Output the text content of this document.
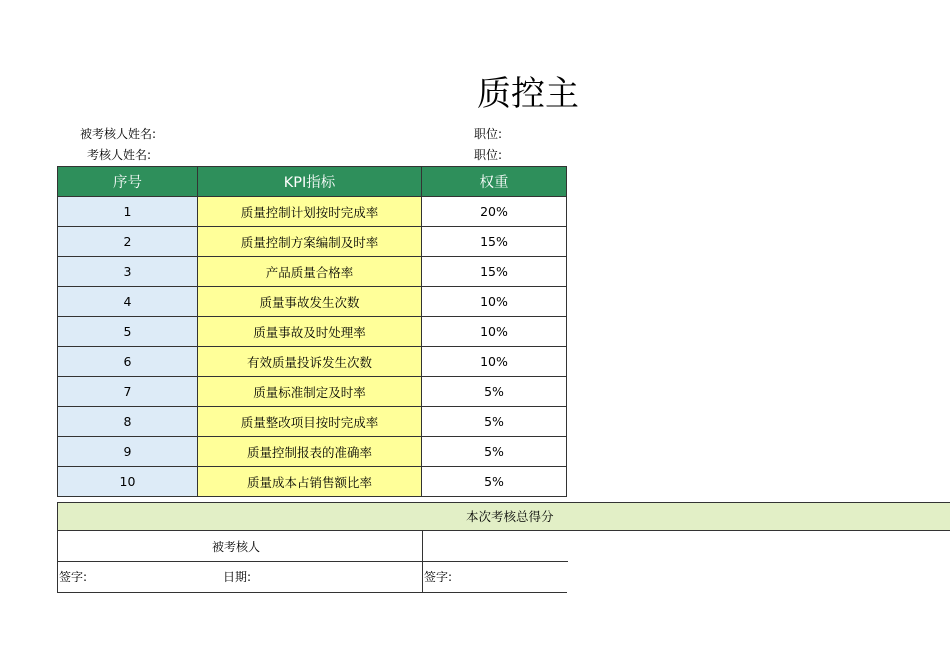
质控主
被考核人姓名:	职位:
考核人姓名:	职位:
序号	KPI指标	权重
1	质量控制计划按时完成率	20%
2	质量控制方案编制及时率	15%
3	产品质量合格率	15%
4	质量事故发生次数	10%
5	质量事故及时处理率	10%
6	有效质量投诉发生次数	10%
7	质量标准制定及时率	5%
8	质量整改项目按时完成率	5%
9	质量控制报表的准确率	5%
10	质量成本占销售额比率	5%
本次考核总得分
被考核人
签字:	日期:	签字:
